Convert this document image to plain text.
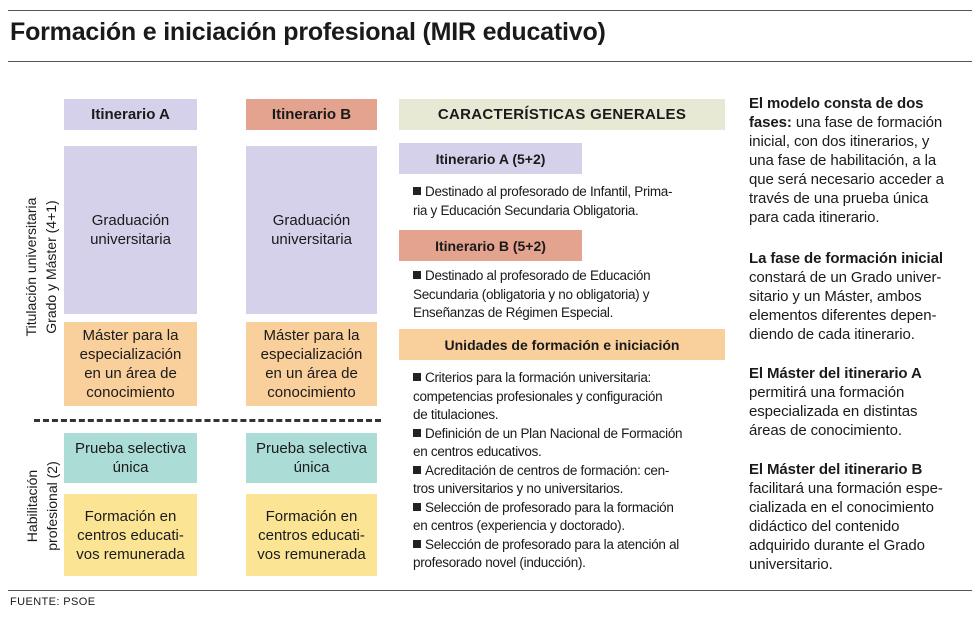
Formación e iniciación profesional (MIR educativo)
Titulación universitaria Grado y Máster (4+1)
Habilitación profesional (2)
Itinerario A
Graduación
universitaria
Máster para la
especialización
en un área de
conocimiento
Prueba selectiva
única
Formación en
centros educati-
vos remunerada
Itinerario B
Graduación
universitaria
Máster para la
especialización
en un área de
conocimiento
Prueba selectiva
única
Formación en
centros educati-
vos remunerada
CARACTERÍSTICAS GENERALES
Itinerario A (5+2)
Destinado al profesorado de Infantil, Prima-
ria y Educación Secundaria Obligatoria.
Itinerario B (5+2)
Destinado al profesorado de Educación
Secundaria (obligatoria y no obligatoria) y
Enseñanzas de Régimen Especial.
Unidades de formación e iniciación
Criterios para la formación universitaria:
competencias profesionales y configuración
de titulaciones.
Definición de un Plan Nacional de Formación
en centros educativos.
Acreditación de centros de formación: cen-
tros universitarios y no universitarios.
Selección de profesorado para la formación
en centros (experiencia y doctorado).
Selección de profesorado para la atención al
profesorado novel (inducción).
El modelo consta de dos
fases: una fase de formación
inicial, con dos itinerarios, y
una fase de habilitación, a la
que será necesario acceder a
través de una prueba única
para cada itinerario.
La fase de formación inicial
constará de un Grado univer-
sitario y un Máster, ambos
elementos diferentes depen-
diendo de cada itinerario.
El Máster del itinerario A
permitirá una formación
especializada en distintas
áreas de conocimiento.
El Máster del itinerario B
facilitará una formación espe-
cializada en el conocimiento
didáctico del contenido
adquirido durante el Grado
universitario.
FUENTE: PSOE
